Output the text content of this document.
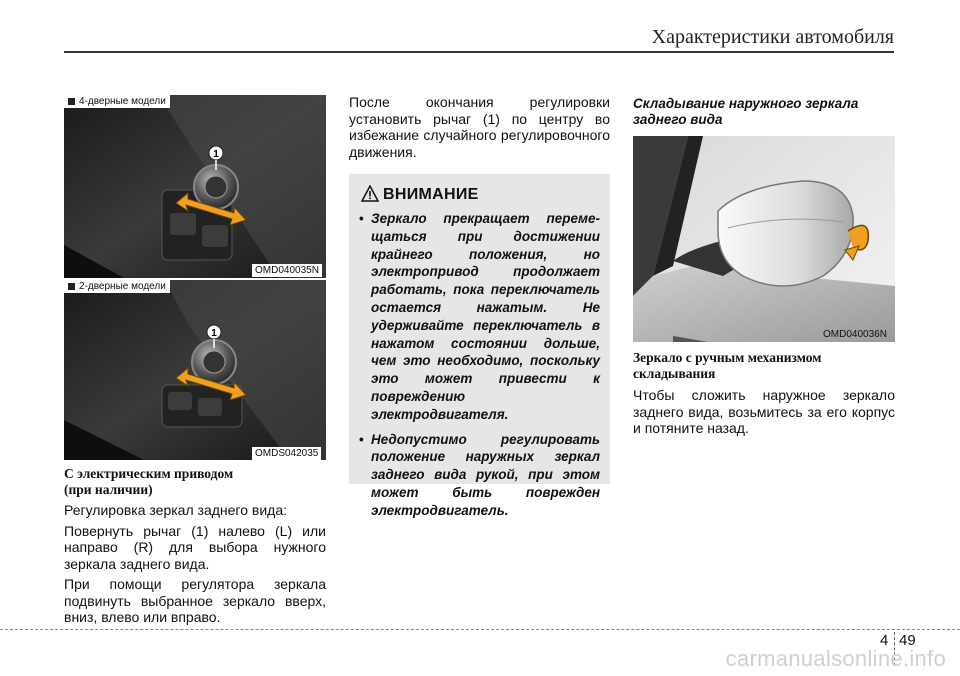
Характеристики автомобиля
4-дверные модели
1
OMD040035N
2-дверные модели
1
OMDS042035
С электрическим приводом
(при наличии)
Регулировка зеркал заднего вида:
Повернуть рычаг (1) налево (L) или направо (R) для выбора нужного зеркала заднего вида.
При помощи регулятора зеркала подвинуть выбранное зеркало вверх, вниз, влево или вправо.
После окончания регулировки установить рычаг (1) по центру во избежание случайного регулировочного движения.
ВНИМАНИЕ
• Зеркало прекращает переме-щаться при достижении крайнего положения, но электропривод продолжает работать, пока переключатель остается нажатым. Не удерживайте переключатель в нажатом состоянии дольше, чем это необходимо, поскольку это может привести к повреждению электродвигателя.
• Недопустимо регулировать положение наружных зеркал заднего вида рукой, при этом может быть поврежден электродвигатель.
Складывание наружного зеркала
заднего вида
OMD040036N
Зеркало с ручным механизмом
складывания
Чтобы сложить наружное зеркало заднего вида, возьмитесь за его корпус и потяните назад.
4 49
carmanualsonline.info
